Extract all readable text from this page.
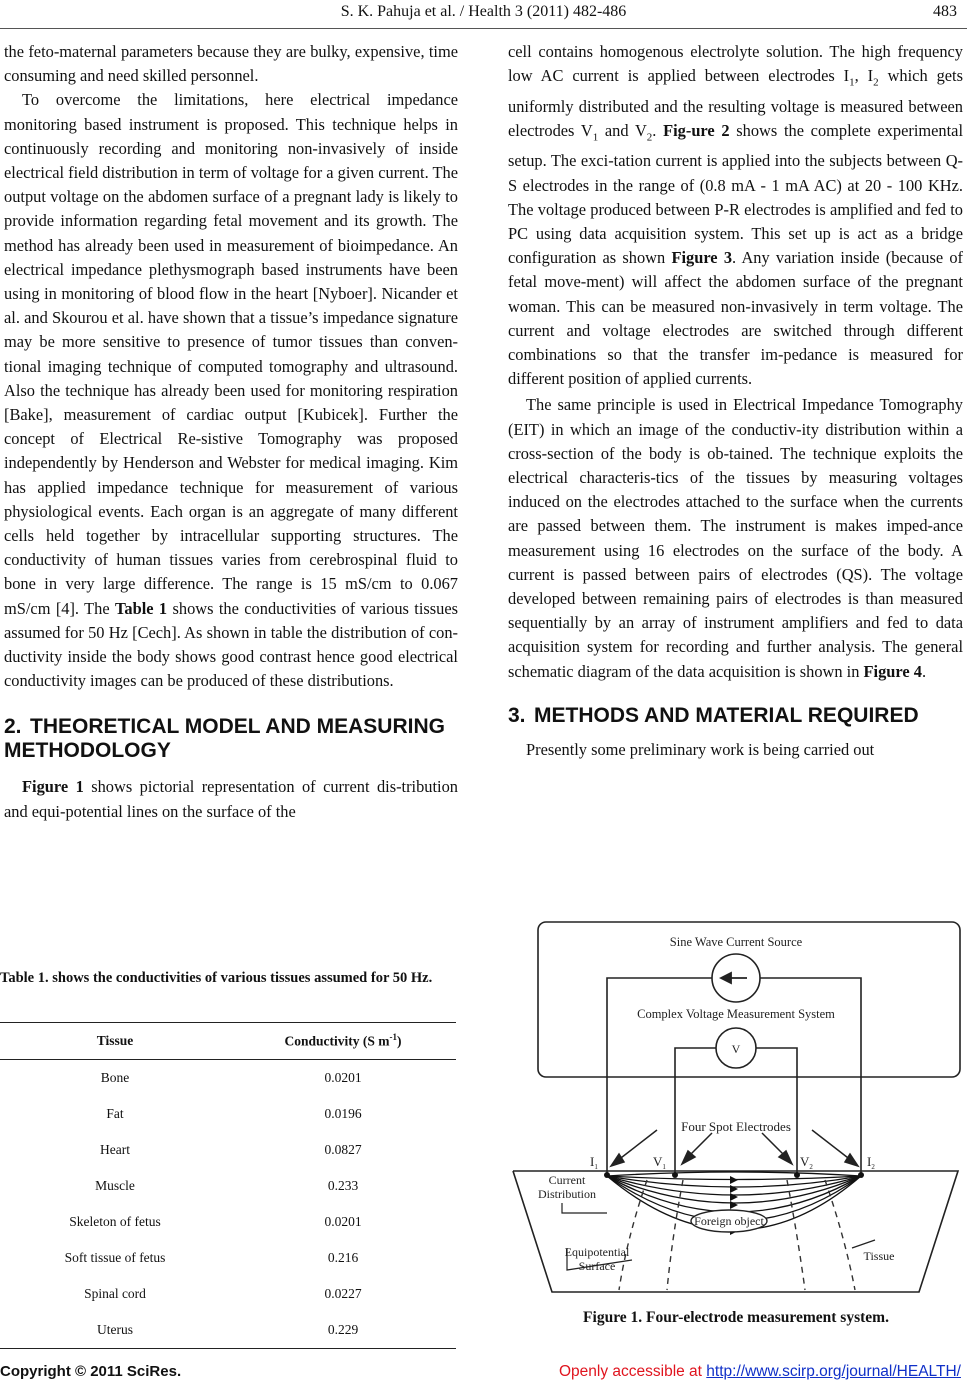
S. K. Pahuja et al. / Health 3 (2011) 482-486	483

the feto-maternal parameters because they are bulky, expensive, time consuming and need skilled personnel.

To overcome the limitations, here electrical impedance monitoring based instrument is proposed. This technique helps in continuously recording and monitoring non-invasively of inside electrical field distribution in term of voltage for a given current. The output voltage on the abdomen surface of a pregnant lady is likely to provide information regarding fetal movement and its growth. The method has already been used in measurement of bioimpedance. An electrical impedance plethysmograph based instruments have been using in monitoring of blood flow in the heart [Nyboer]. Nicander et al. and Skourou et al. have shown that a tissue’s impedance signature may be more sensitive to presence of tumor tissues than conven-tional imaging technique of computed tomography and ultrasound. Also the technique has already been used for monitoring respiration [Bake], measurement of cardiac output [Kubicek]. Further the concept of Electrical Re-sistive Tomography was proposed independently by Henderson and Webster for medical imaging. Kim has applied impedance technique for measurement of various physiological events. Each organ is an aggregate of many different cells held together by intracellular supporting structures. The conductivity of human tissues varies from cerebrospinal fluid to bone in very large difference. The range is 15 mS/cm to 0.067 mS/cm [4]. The Table 1 shows the conductivities of various tissues assumed for 50 Hz [Cech]. As shown in table the distribution of con-ductivity inside the body shows good contrast hence good electrical conductivity images can be produced of these distributions.

2. THEORETICAL MODEL AND MEASURING METHODOLOGY

Figure 1 shows pictorial representation of current dis-tribution and equi-potential lines on the surface of the

Table 1. shows the conductivities of various tissues assumed for 50 Hz.
Tissue	Conductivity (S $m^{-1}$)
Bone	0.0201
Fat	0.0196
Heart	0.0827
Muscle	0.233
Skeleton of fetus	0.0201
Soft tissue of fetus	0.216
Spinal cord	0.0227
Uterus	0.229

cell contains homogenous electrolyte solution. The high frequency low AC current is applied between electrodes $I_1$, $I_2$ which gets uniformly distributed and the resulting voltage is measured between electrodes $V_1$ and $V_2$. Fig-ure 2 shows the complete experimental setup. The exci-tation current is applied into the subjects between Q-S electrodes in the range of (0.8 mA - 1 mA AC) at 20 - 100 KHz. The voltage produced between P-R electrodes is amplified and fed to PC using data acquisition system. This set up is act as a bridge configuration as shown Figure 3. Any variation inside (because of fetal move-ment) will affect the abdomen surface of the pregnant woman. This can be measured non-invasively in term voltage. The current and voltage electrodes are switched through different combinations so that the transfer im-pedance is measured for different position of applied currents.

The same principle is used in Electrical Impedance Tomography (EIT) in which an image of the conductiv-ity distribution within a cross-section of the body is ob-tained. The technique exploits the electrical characteris-tics of the tissues by measuring voltages induced on the electrodes attached to the surface when the currents are passed between them. The instrument is makes imped-ance measurement using 16 electrodes on the surface of the body. A current is passed between pairs of electrodes (QS). The voltage developed between remaining pairs of electrodes is than measured sequentially by an array of instrument amplifiers and fed to data acquisition system for recording and further analysis. The general schematic diagram of the data acquisition is shown in Figure 4.

3. METHODS AND MATERIAL REQUIRED

Presently some preliminary work is being carried out

Sine Wave Current Source
Complex Voltage Measurement System
V
Four Spot Electrodes
$I_1$	$V_1$	$V_2$	$I_2$
Current
Distribution
Foreign object
Equipotential
Surface
Tissue
Figure 1. Four-electrode measurement system.
Copyright © 2011 SciRes.	Openly accessible at http://www.scirp.org/journal/HEALTH/
